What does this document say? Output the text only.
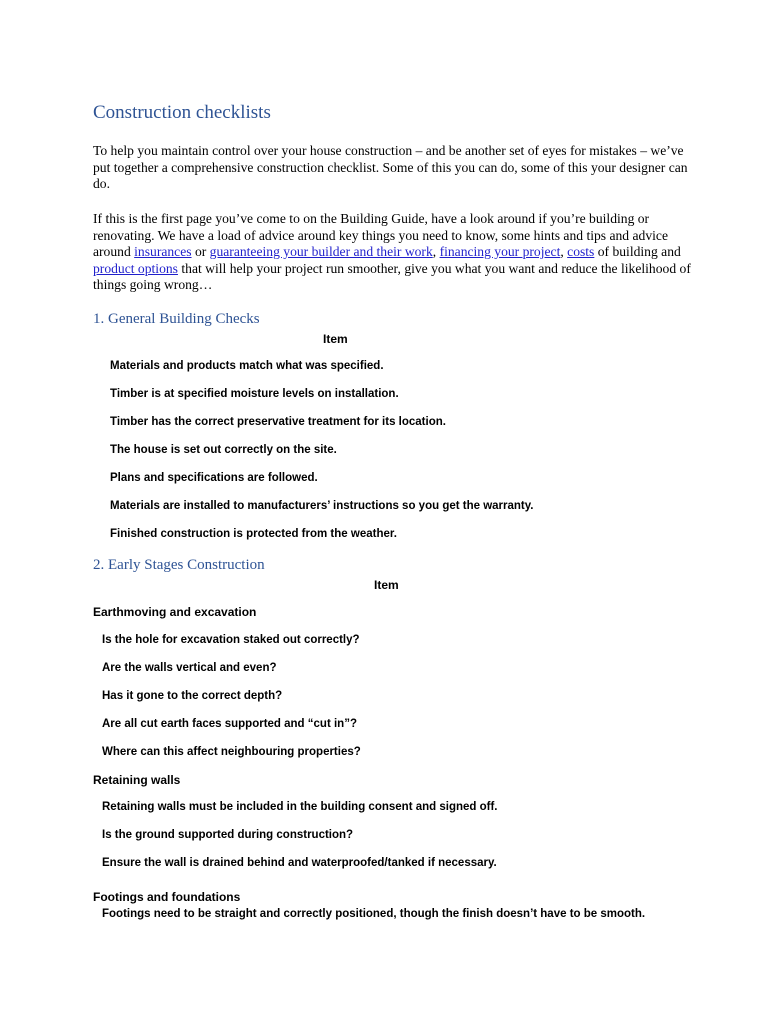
Construction checklists

To help you maintain control over your house construction – and be another set of eyes for mistakes – we’ve put together a comprehensive construction checklist. Some of this you can do, some of this your designer can do.

If this is the first page you’ve come to on the Building Guide, have a look around if you’re building or renovating. We have a load of advice around key things you need to know, some hints and tips and advice around insurances or guaranteeing your builder and their work, financing your project, costs of building and product options that will help your project run smoother, give you what you want and reduce the likelihood of things going wrong…

1. General Building Checks
Item
Materials and products match what was specified.
Timber is at specified moisture levels on installation.
Timber has the correct preservative treatment for its location.
The house is set out correctly on the site.
Plans and specifications are followed.
Materials are installed to manufacturers’ instructions so you get the warranty.
Finished construction is protected from the weather.
2. Early Stages Construction
Item
Earthmoving and excavation
Is the hole for excavation staked out correctly?
Are the walls vertical and even?
Has it gone to the correct depth?
Are all cut earth faces supported and “cut in”?
Where can this affect neighbouring properties?
Retaining walls
Retaining walls must be included in the building consent and signed off.
Is the ground supported during construction?
Ensure the wall is drained behind and waterproofed/tanked if necessary.
Footings and foundations
Footings need to be straight and correctly positioned, though the finish doesn’t have to be smooth.
